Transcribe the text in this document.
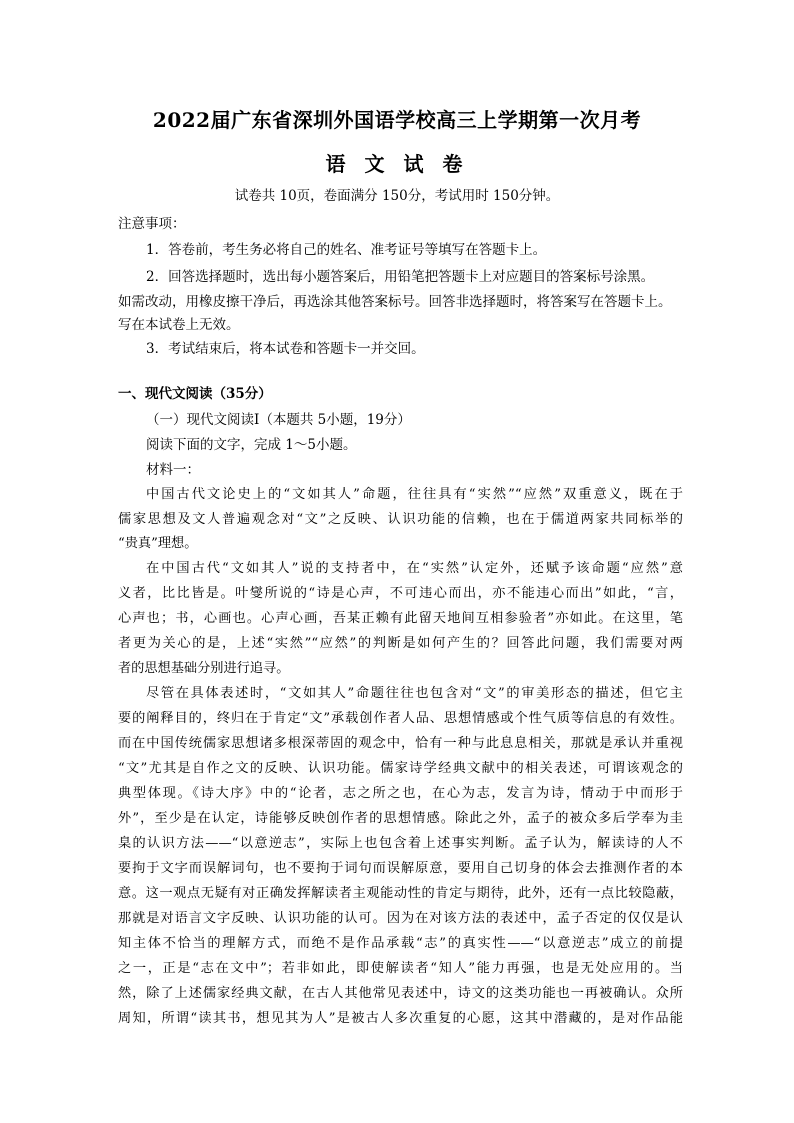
2022届广东省深圳外国语学校高三上学期第一次月考
语 文 试 卷
试卷共 10页，卷面满分 150分，考试用时 150分钟。
注意事项：
1．答卷前，考生务必将自己的姓名、准考证号等填写在答题卡上。
2．回答选择题时，选出每小题答案后，用铅笔把答题卡上对应题目的答案标号涂黑。
如需改动，用橡皮擦干净后，再选涂其他答案标号。回答非选择题时，将答案写在答题卡上。
写在本试卷上无效。
3．考试结束后，将本试卷和答题卡一并交回。
一、现代文阅读（35分）
（一）现代文阅读Ⅰ（本题共 5小题，19分）
阅读下面的文字，完成 1～5小题。
材料一：
中国古代文论史上的“文如其人”命题，往往具有“实然”“应然”双重意义，既在于
儒家思想及文人普遍观念对“文”之反映、认识功能的信赖，也在于儒道两家共同标举的
“贵真”理想。
在中国古代“文如其人”说的支持者中，在“实然”认定外，还赋予该命题“应然”意
义者，比比皆是。叶燮所说的“诗是心声，不可违心而出，亦不能违心而出”如此，“言，
心声也；书，心画也。心声心画，吾某正赖有此留天地间互相参验者”亦如此。在这里，笔
者更为关心的是，上述“实然”“应然”的判断是如何产生的？回答此问题，我们需要对两
者的思想基础分别进行追寻。
尽管在具体表述时，“文如其人”命题往往也包含对“文”的审美形态的描述，但它主
要的阐释目的，终归在于肯定“文”承载创作者人品、思想情感或个性气质等信息的有效性。
而在中国传统儒家思想诸多根深蒂固的观念中，恰有一种与此息息相关，那就是承认并重视
“文”尤其是自作之文的反映、认识功能。儒家诗学经典文献中的相关表述，可谓该观念的
典型体现。《诗大序》中的“论者，志之所之也，在心为志，发言为诗，情动于中而形于
外”，至少是在认定，诗能够反映创作者的思想情感。除此之外，孟子的被众多后学奉为圭
臬的认识方法——“以意逆志”，实际上也包含着上述事实判断。孟子认为，解读诗的人不
要拘于文字而误解词句，也不要拘于词句而误解原意，要用自己切身的体会去推测作者的本
意。这一观点无疑有对正确发挥解读者主观能动性的肯定与期待，此外，还有一点比较隐蔽，
那就是对语言文字反映、认识功能的认可。因为在对该方法的表述中，孟子否定的仅仅是认
知主体不恰当的理解方式，而绝不是作品承载“志”的真实性——“以意逆志”成立的前提
之一，正是“志在文中”；若非如此，即使解读者“知人”能力再强，也是无处应用的。当
然，除了上述儒家经典文献，在古人其他常见表述中，诗文的这类功能也一再被确认。众所
周知，所谓“读其书，想见其为人”是被古人多次重复的心愿，这其中潜藏的，是对作品能
